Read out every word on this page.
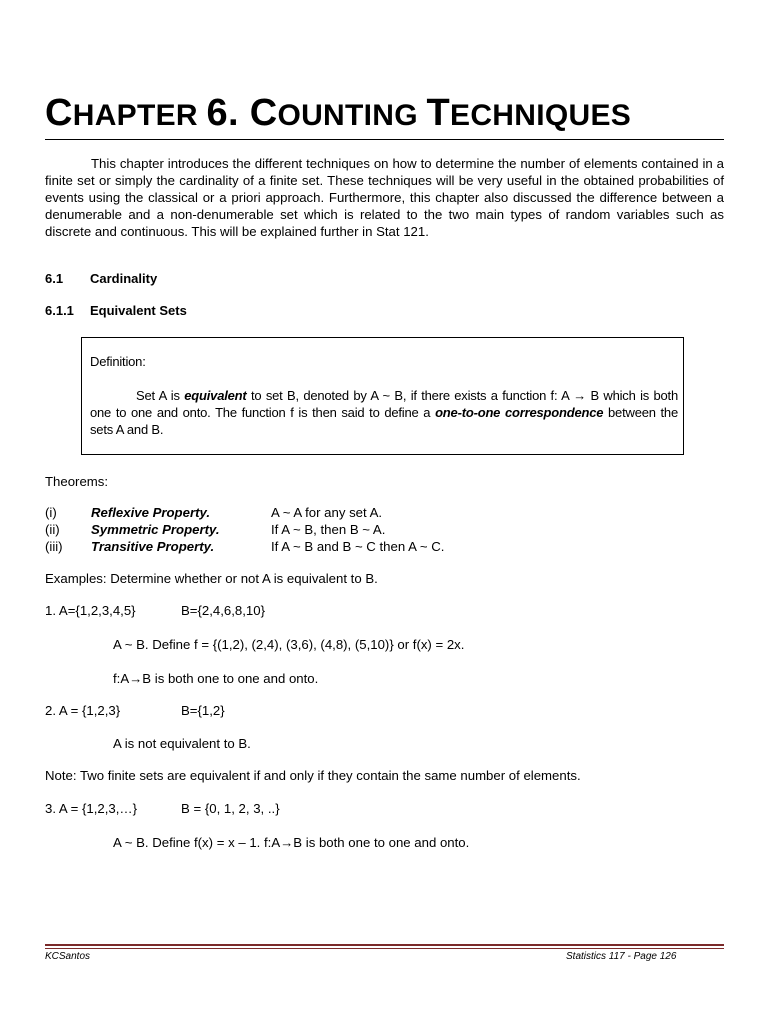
CHAPTER 6. COUNTING TECHNIQUES

This chapter introduces the different techniques on how to determine the number of elements contained in a finite set or simply the cardinality of a finite set. These techniques will be very useful in the obtained probabilities of events using the classical or a priori approach. Furthermore, this chapter also discussed the difference between a denumerable and a non-denumerable set which is related to the two main types of random variables such as discrete and continuous. This will be explained further in Stat 121.

6.1 Cardinality
6.1.1 Equivalent Sets
Definition:

Set A is equivalent to set B, denoted by A ~ B, if there exists a function f: A → B which is both one to one and onto. The function f is then said to define a one-to-one correspondence between the sets A and B.

Theorems:
(i)	Reflexive Property.	A ~ A for any set A.
(ii) Symmetric Property.	If A ~ B, then B ~ A.
(iii) Transitive Property.	If A ~ B and B ~ C then A ~ C.
Examples: Determine whether or not A is equivalent to B.
1. A={1,2,3,4,5}	B={2,4,6,8,10}
A ~ B. Define f = {(1,2), (2,4), (3,6), (4,8), (5,10)} or f(x) = 2x.
f:A→B is both one to one and onto.
2. A = {1,2,3}	B={1,2}
A is not equivalent to B.
Note: Two finite sets are equivalent if and only if they contain the same number of elements.
3. A = {1,2,3,…}	B = {0, 1, 2, 3, ..}
A ~ B. Define f(x) = x – 1. f:A→B is both one to one and onto.
KCSantos	Statistics 117 - Page 126
